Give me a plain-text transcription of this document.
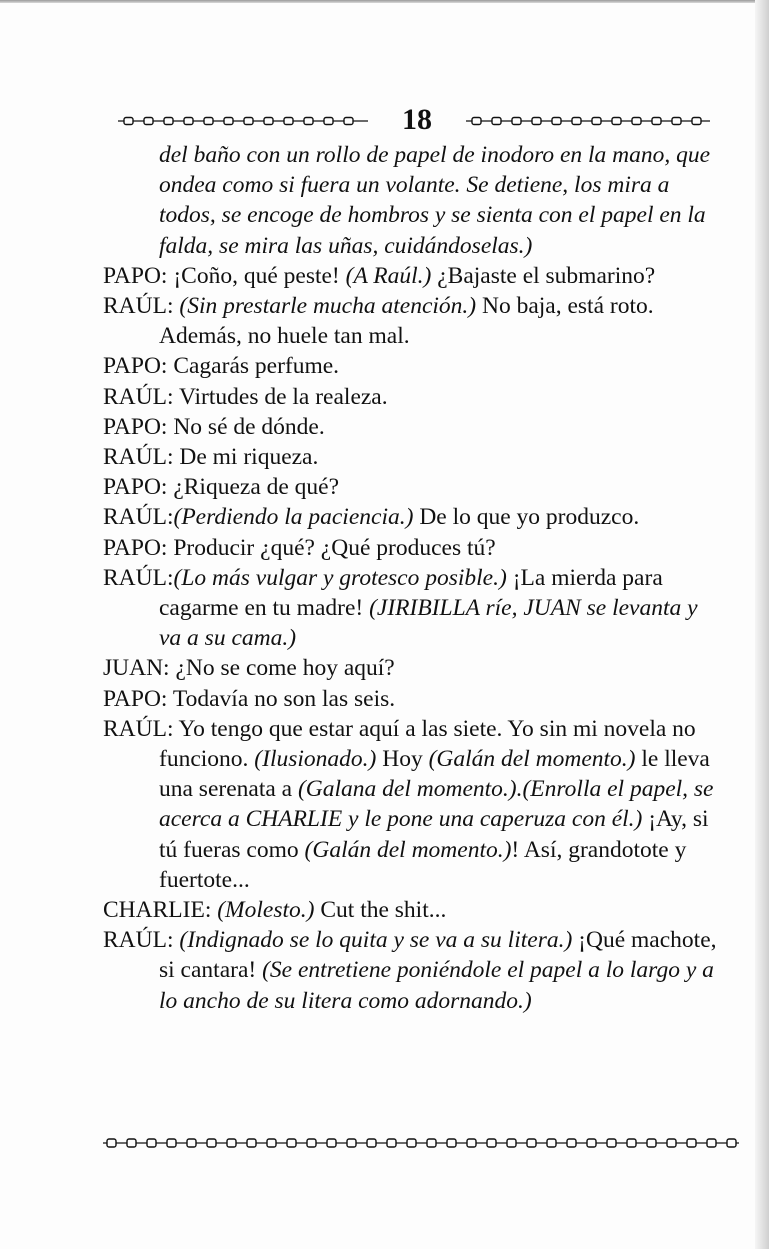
18

del baño con un rollo de papel de inodoro en la mano, que ondea como si fuera un volante. Se detiene, los mira a todos, se encoge de hombros y se sienta con el papel en la falda, se mira las uñas, cuidándoselas.)

PAPO: ¡Coño, qué peste! (A Raúl.) ¿Bajaste el submarino?

RAÚL: (Sin prestarle mucha atención.) No baja, está roto. Además, no huele tan mal.

PAPO: Cagarás perfume.

RAÚL: Virtudes de la realeza.

PAPO: No sé de dónde.

RAÚL: De mi riqueza.

PAPO: ¿Riqueza de qué?

RAÚL:(Perdiendo la paciencia.) De lo que yo produzco.

PAPO: Producir ¿qué? ¿Qué produces tú?

RAÚL:(Lo más vulgar y grotesco posible.) ¡La mierda para cagarme en tu madre! (JIRIBILLA ríe, JUAN se levanta y va a su cama.)

JUAN: ¿No se come hoy aquí?

PAPO: Todavía no son las seis.

RAÚL: Yo tengo que estar aquí a las siete. Yo sin mi novela no funciono. (Ilusionado.) Hoy (Galán del momento.) le lleva una serenata a (Galana del momento.).(Enrolla el papel, se acerca a CHARLIE y le pone una caperuza con él.) ¡Ay, si tú fueras como (Galán del momento.)! Así, grandotote y fuertote...

CHARLIE: (Molesto.) Cut the shit...

RAÚL: (Indignado se lo quita y se va a su litera.) ¡Qué machote, si cantara! (Se entretiene poniéndole el papel a lo largo y a lo ancho de su litera como adornando.)
